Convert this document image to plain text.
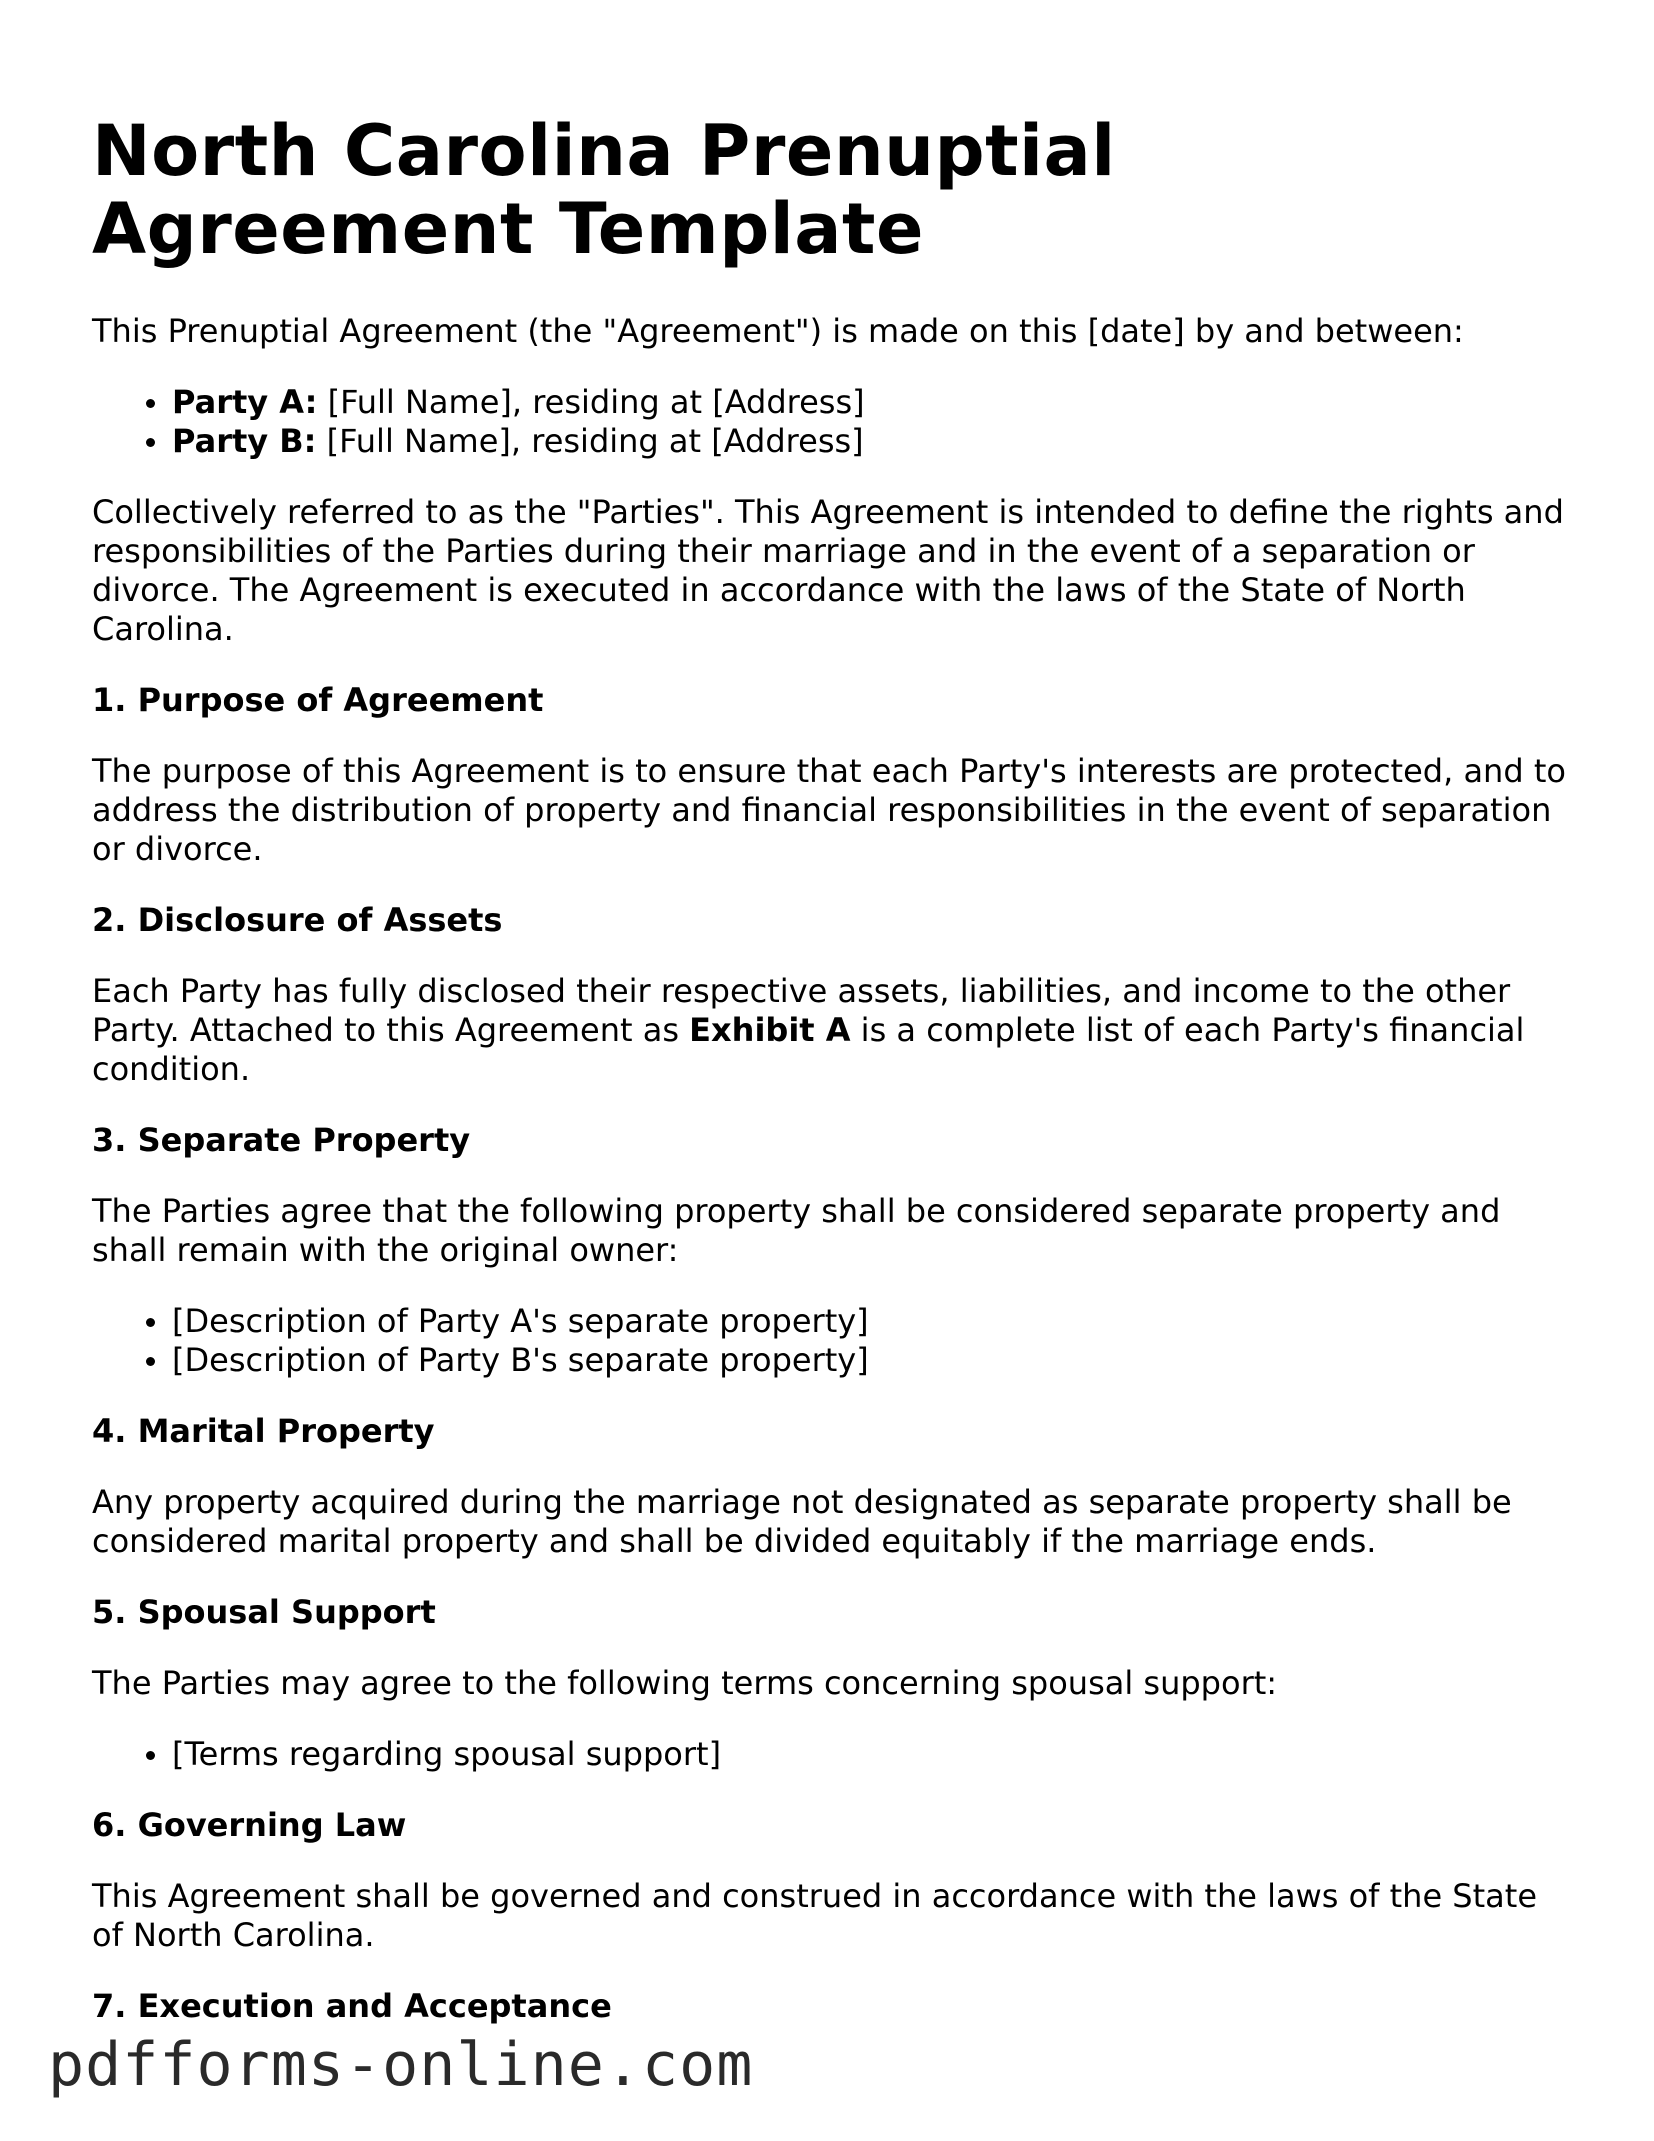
North Carolina Prenuptial Agreement Template

This Prenuptial Agreement (the "Agreement") is made on this [date] by and between:

Party A: [Full Name], residing at [Address]
Party B: [Full Name], residing at [Address]

Collectively referred to as the "Parties". This Agreement is intended to define the rights and responsibilities of the Parties during their marriage and in the event of a separation or divorce. The Agreement is executed in accordance with the laws of the State of North Carolina.

1. Purpose of Agreement

The purpose of this Agreement is to ensure that each Party's interests are protected, and to address the distribution of property and financial responsibilities in the event of separation or divorce.

2. Disclosure of Assets

Each Party has fully disclosed their respective assets, liabilities, and income to the other Party. Attached to this Agreement as Exhibit A is a complete list of each Party's financial condition.

3. Separate Property

The Parties agree that the following property shall be considered separate property and shall remain with the original owner:

[Description of Party A's separate property]
[Description of Party B's separate property]
4. Marital Property

Any property acquired during the marriage not designated as separate property shall be considered marital property and shall be divided equitably if the marriage ends.

5. Spousal Support

The Parties may agree to the following terms concerning spousal support:

[Terms regarding spousal support]
6. Governing Law

This Agreement shall be governed and construed in accordance with the laws of the State of North Carolina.

7. Execution and Acceptance
pdfforms-online.com
